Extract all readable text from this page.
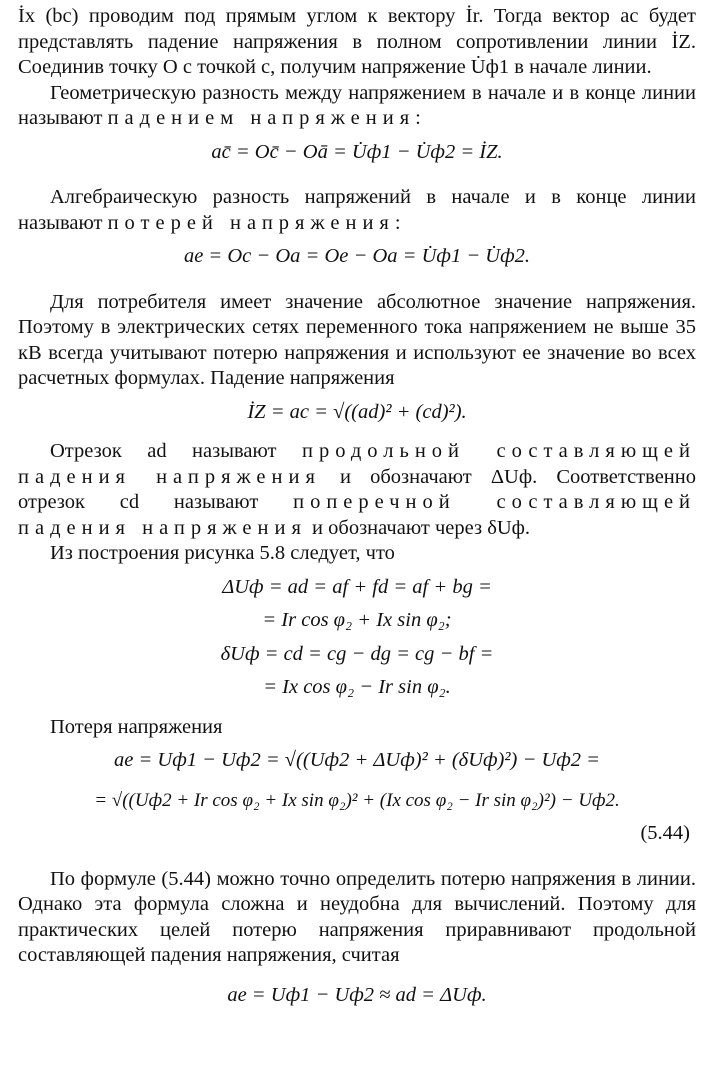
İx (bc) проводим под прямым углом к вектору İr. Тогда вектор ac будет представлять падение напряжения в полном сопротивлении линии İZ. Соединив точку O с точкой c, получим напряжение U̇ф1 в началe линии.

Геометрическую разность между напряжением в начале и в конце линии называют падением напряжения:

ac̄ = Oc̄ − Oā = U̇ф1 − U̇ф2 = İZ.

Алгебраическую разность напряжений в начале и в конце линии называют потерей напряжения:

ae = Oc − Oa = Oe − Oa = U̇ф1 − U̇ф2.

Для потребителя имеет значение абсолютное значение напряжения. Поэтому в электрических сетях переменного тока напряжением не выше 35 кВ всегда учитывают потерю напряжения и используют ее значение во всех расчетных формулах. Падение напряжения

İZ = ac = √((ad)² + (cd)²).

Отрезок ad называют продольной составляющей падения напряжения и обозначают ΔUф. Соответственно отрезок cd называют поперечной составляющей падения напряжения и обозначают через δUф.

Из построения рисунка 5.8 следует, что

ΔUф = ad = af + fd = af + bg =

= Ir cos φ₂ + Ix sin φ₂;

δUф = cd = cg − dg = cg − bf =

= Ix cos φ₂ − Ir sin φ₂.

Потеря напряжения

ae = Uф1 − Uф2 = √((Uф2 + ΔUф)² + (δUф)²) − Uф2 =

= √((Uф2 + Ir cos φ₂ + Ix sin φ₂)² + (Ix cos φ₂ − Ir sin φ₂)²) − Uф2.

(5.44)

По формуле (5.44) можно точно определить потерю напряжения в линии. Однако эта формула сложна и неудобна для вычислений. Поэтому для практических целей потерю напряжения приравнивают продольной составляющей падения напряжения, считая

ae = Uф1 − Uф2 ≈ ad = ΔUф.
